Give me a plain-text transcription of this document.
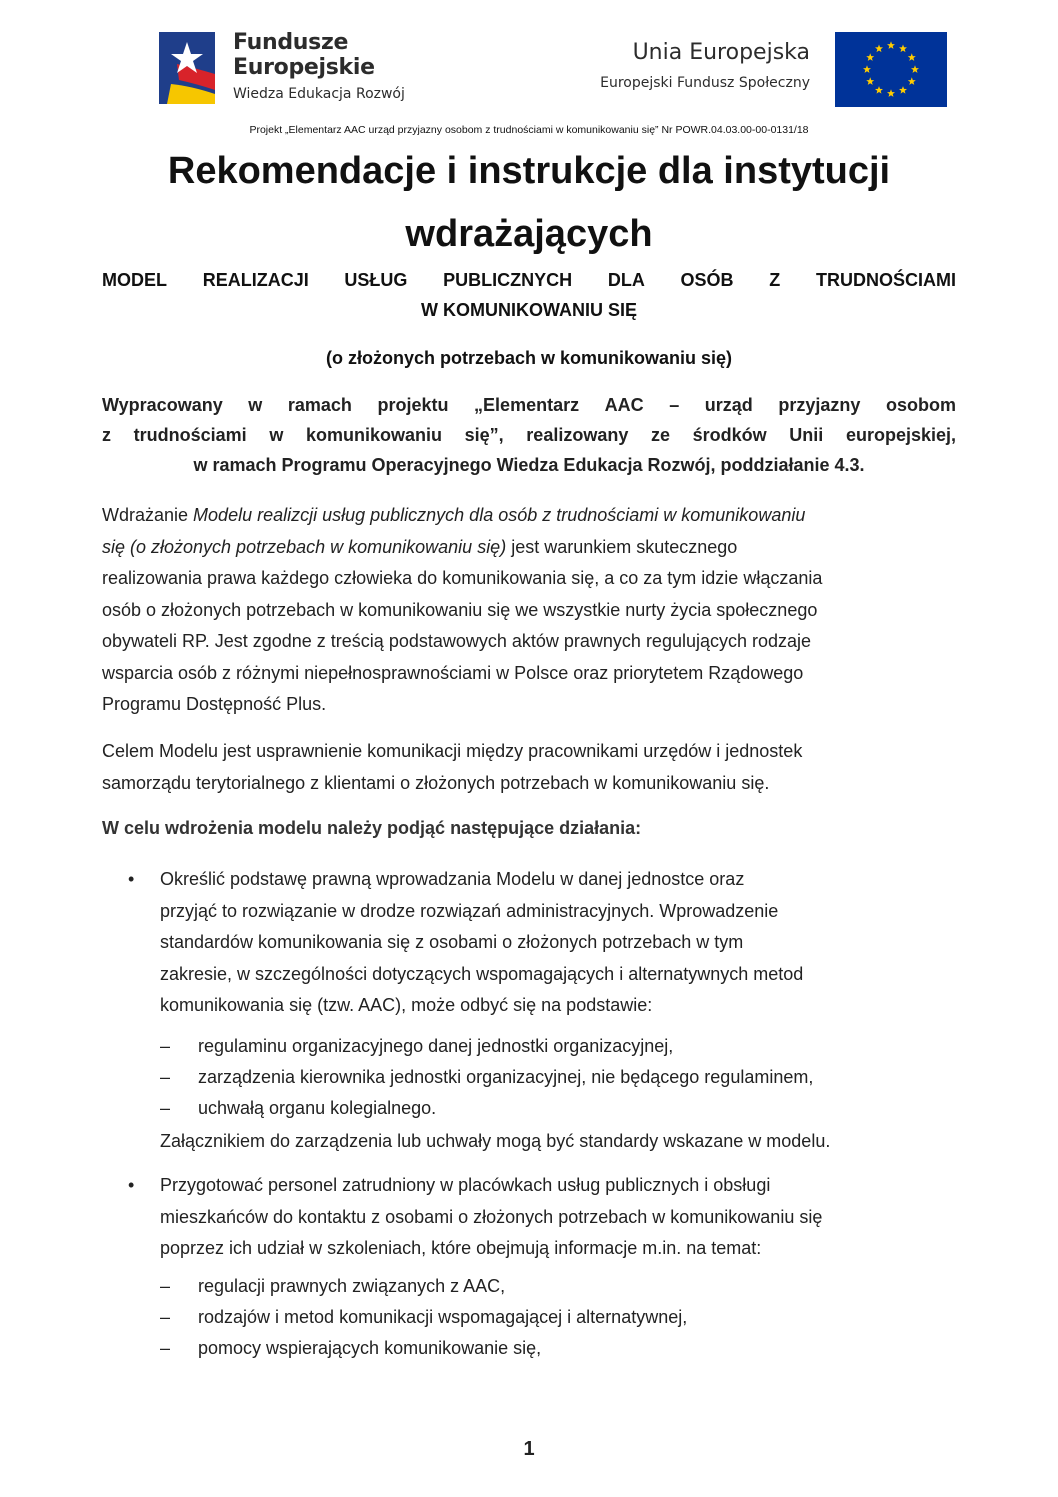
Fundusze
Europejskie
Wiedza Edukacja Rozwój
Unia Europejska
Europejski Fundusz Społeczny
Projekt „Elementarz AAC urząd przyjazny osobom z trudnościami w komunikowaniu się” Nr POWR.04.03.00-00-0131/18
Rekomendacje i instrukcje dla instytucji
wdrażających
MODEL REALIZACJI USŁUG PUBLICZNYCH DLA OSÓB Z TRUDNOŚCIAMI
W KOMUNIKOWANIU SIĘ
(o złożonych potrzebach w komunikowaniu się)
Wypracowany w ramach projektu „Elementarz AAC – urząd przyjazny osobom
z trudnościami w komunikowaniu się”, realizowany ze środków Unii europejskiej,
w ramach Programu Operacyjnego Wiedza Edukacja Rozwój, poddziałanie 4.3.
Wdrażanie Modelu realizcji usług publicznych dla osób z trudnościami w komunikowaniu
się (o złożonych potrzebach w komunikowaniu się) jest warunkiem skutecznego
realizowania prawa każdego człowieka do komunikowania się, a co za tym idzie włączania
osób o złożonych potrzebach w komunikowaniu się we wszystkie nurty życia społecznego
obywateli RP. Jest zgodne z treścią podstawowych aktów prawnych regulujących rodzaje
wsparcia osób z różnymi niepełnosprawnościami w Polsce oraz priorytetem Rządowego
Programu Dostępność Plus.
Celem Modelu jest usprawnienie komunikacji między pracownikami urzędów i jednostek
samorządu terytorialnego z klientami o złożonych potrzebach w komunikowaniu się.
W celu wdrożenia modelu należy podjąć następujące działania:
• Określić podstawę prawną wprowadzania Modelu w danej jednostce oraz
przyjąć to rozwiązanie w drodze rozwiązań administracyjnych. Wprowadzenie
standardów komunikowania się z osobami o złożonych potrzebach w tym
zakresie, w szczególności dotyczących wspomagających i alternatywnych metod
komunikowania się (tzw. AAC), może odbyć się na podstawie:
– regulaminu organizacyjnego danej jednostki organizacyjnej,
– zarządzenia kierownika jednostki organizacyjnej, nie będącego regulaminem,
– uchwałą organu kolegialnego.
Załącznikiem do zarządzenia lub uchwały mogą być standardy wskazane w modelu.
• Przygotować personel zatrudniony w placówkach usług publicznych i obsługi
mieszkańców do kontaktu z osobami o złożonych potrzebach w komunikowaniu się
poprzez ich udział w szkoleniach, które obejmują informacje m.in. na temat:
– regulacji prawnych związanych z AAC,
– rodzajów i metod komunikacji wspomagającej i alternatywnej,
– pomocy wspierających komunikowanie się,
1
